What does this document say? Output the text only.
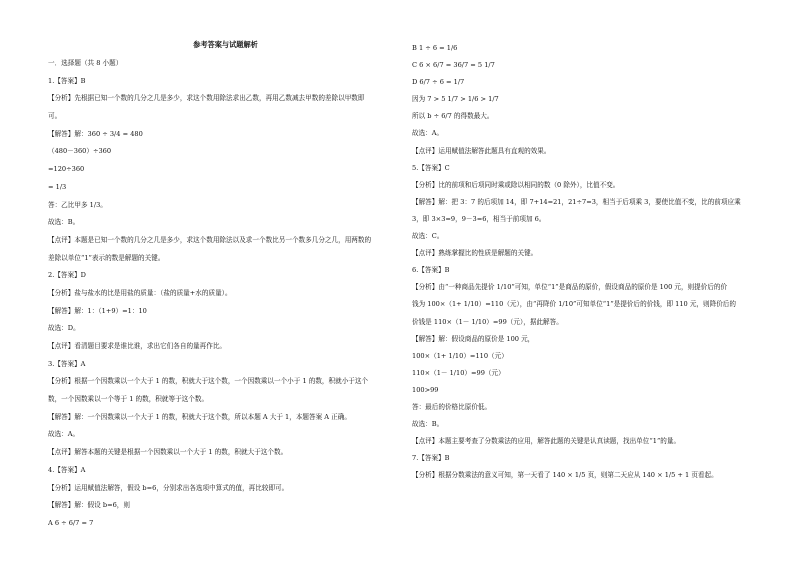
参考答案与试题解析
一．选择题（共 8 小题）
1.【答案】B
【分析】先根据已知一个数的几分之几是多少，求这个数用除法求出乙数，再用乙数减去甲数的差除以甲数即
可。
【解答】解：360 ÷ 3/4 = 480
（480－360）÷360
=120÷360
= 1/3
答：乙比甲多 1/3。
故选：B。
【点评】本题是已知一个数的几分之几是多少，求这个数用除法以及求一个数比另一个数多几分之几，用两数的
差除以单位“1”表示的数是解题的关键。
2.【答案】D
【分析】盐与盐水的比是用盐的质量：（盐的质量+水的质量）。
【解答】解：1：（1+9）=1：10
故选：D。
【点评】看清题目要求是谁比谁，求出它们各自的量再作比。
3.【答案】A
【分析】根据一个因数乘以一个大于 1 的数，积就大于这个数，一个因数乘以一个小于 1 的数，积就小于这个
数，一个因数乘以一个等于 1 的数，积就等于这个数。
【解答】解：一个因数乘以一个大于 1 的数，积就大于这个数，所以本题 A 大于 1，本题答案 A 正确。
故选：A。
【点评】解答本题的关键是根据一个因数乘以一个大于 1 的数，积就大于这个数。
4.【答案】A
【分析】运用赋值法解答，假设 b=6，分别求出各选项中算式的值，再比较即可。
【解答】解：假设 b=6，则
A 6 ÷ 6/7 = 7
B 1 ÷ 6 = 1/6
C 6 × 6/7 = 36/7 = 5 1/7
D 6/7 ÷ 6 = 1/7
因为 7 > 5 1/7 > 1/6 > 1/7
所以 b ÷ 6/7 的得数最大。
故选：A。
【点评】运用赋值法解答此题具有直观的效果。
5.【答案】C
【分析】比的前项和后项同时乘或除以相同的数（0 除外），比值不变。
【解答】解：把 3：7 的后项加 14，即 7+14=21，21÷7=3，相当于后项乘 3，要使比值不变，比的前项应乘
3，即 3×3=9，9－3=6，相当于前项加 6。
故选：C。
【点评】熟练掌握比的性质是解题的关键。
6.【答案】B
【分析】由“一种商品先提价 1/10”可知，单位“1”是商品的原价，假设商品的原价是 100 元，则提价后的价
钱为 100×（1+ 1/10）=110（元），由“再降价 1/10”可知单位“1”是提价后的价钱，即 110 元，则降价后的
价钱是 110×（1－ 1/10）=99（元），据此解答。
【解答】解：假设商品的原价是 100 元，
100×（1+ 1/10）=110（元）
110×（1－ 1/10）=99（元）
100>99
答：最后的价格比原价低。
故选：B。
【点评】本题主要考查了分数乘法的应用，解答此题的关键是认真读题，找出单位“1”的量。
7.【答案】B
【分析】根据分数乘法的意义可知，第一天看了 140 × 1/5 页，则第二天应从 140 × 1/5 + 1 页看起。
